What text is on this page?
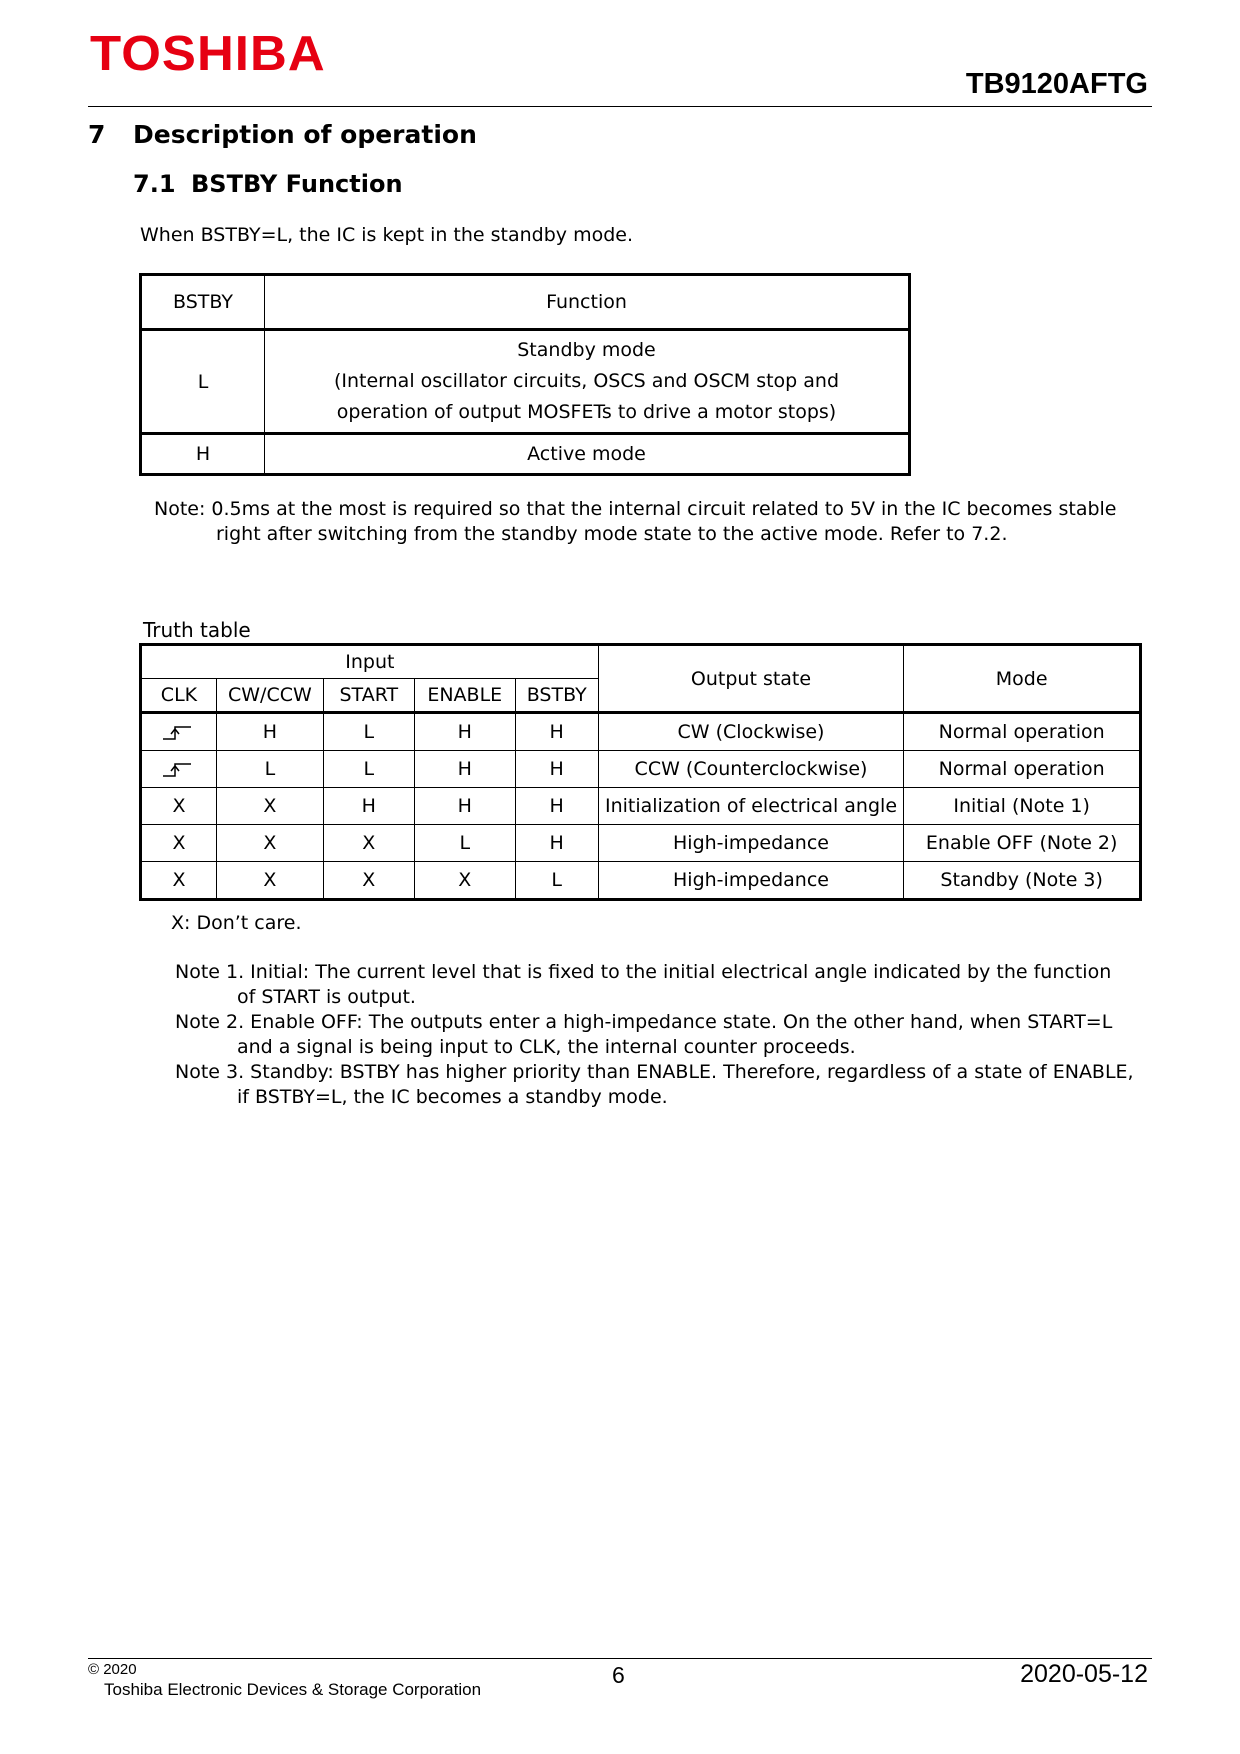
TOSHIBA
TB9120AFTG
7 Description of operation
7.1 BSTBY Function
When BSTBY=L, the IC is kept in the standby mode.
BSTBY	Function
L	Standby mode
(Internal oscillator circuits, OSCS and OSCM stop and
operation of output MOSFETs to drive a motor stops)

H	Active mode

Note: 0.5ms at the most is required so that the internal circuit related to 5V in the IC becomes stable right after switching from the standby mode state to the active mode. Refer to 7.2.

Truth table
Input					Output state	Mode
CLK	CW/CCW	START	ENABLE	BSTBY		
	H	L	H	H	CW (Clockwise)	Normal operation
	L	L	H	H	CCW (Counterclockwise)	Normal operation
X	X	H	H	H	Initialization of electrical angle	Initial (Note 1)
X	X	X	L	H	High-impedance	Enable OFF (Note 2)
X	X	X	X	L	High-impedance	Standby (Note 3)
X: Don’t care.

Note 1. Initial: The current level that is fixed to the initial electrical angle indicated by the function of START is output.

Note 2. Enable OFF: The outputs enter a high-impedance state. On the other hand, when START=L and a signal is being input to CLK, the internal counter proceeds.

Note 3. Standby: BSTBY has higher priority than ENABLE. Therefore, regardless of a state of ENABLE, if BSTBY=L, the IC becomes a standby mode.

© 2020
Toshiba Electronic Devices & Storage Corporation
6	2020-05-12
